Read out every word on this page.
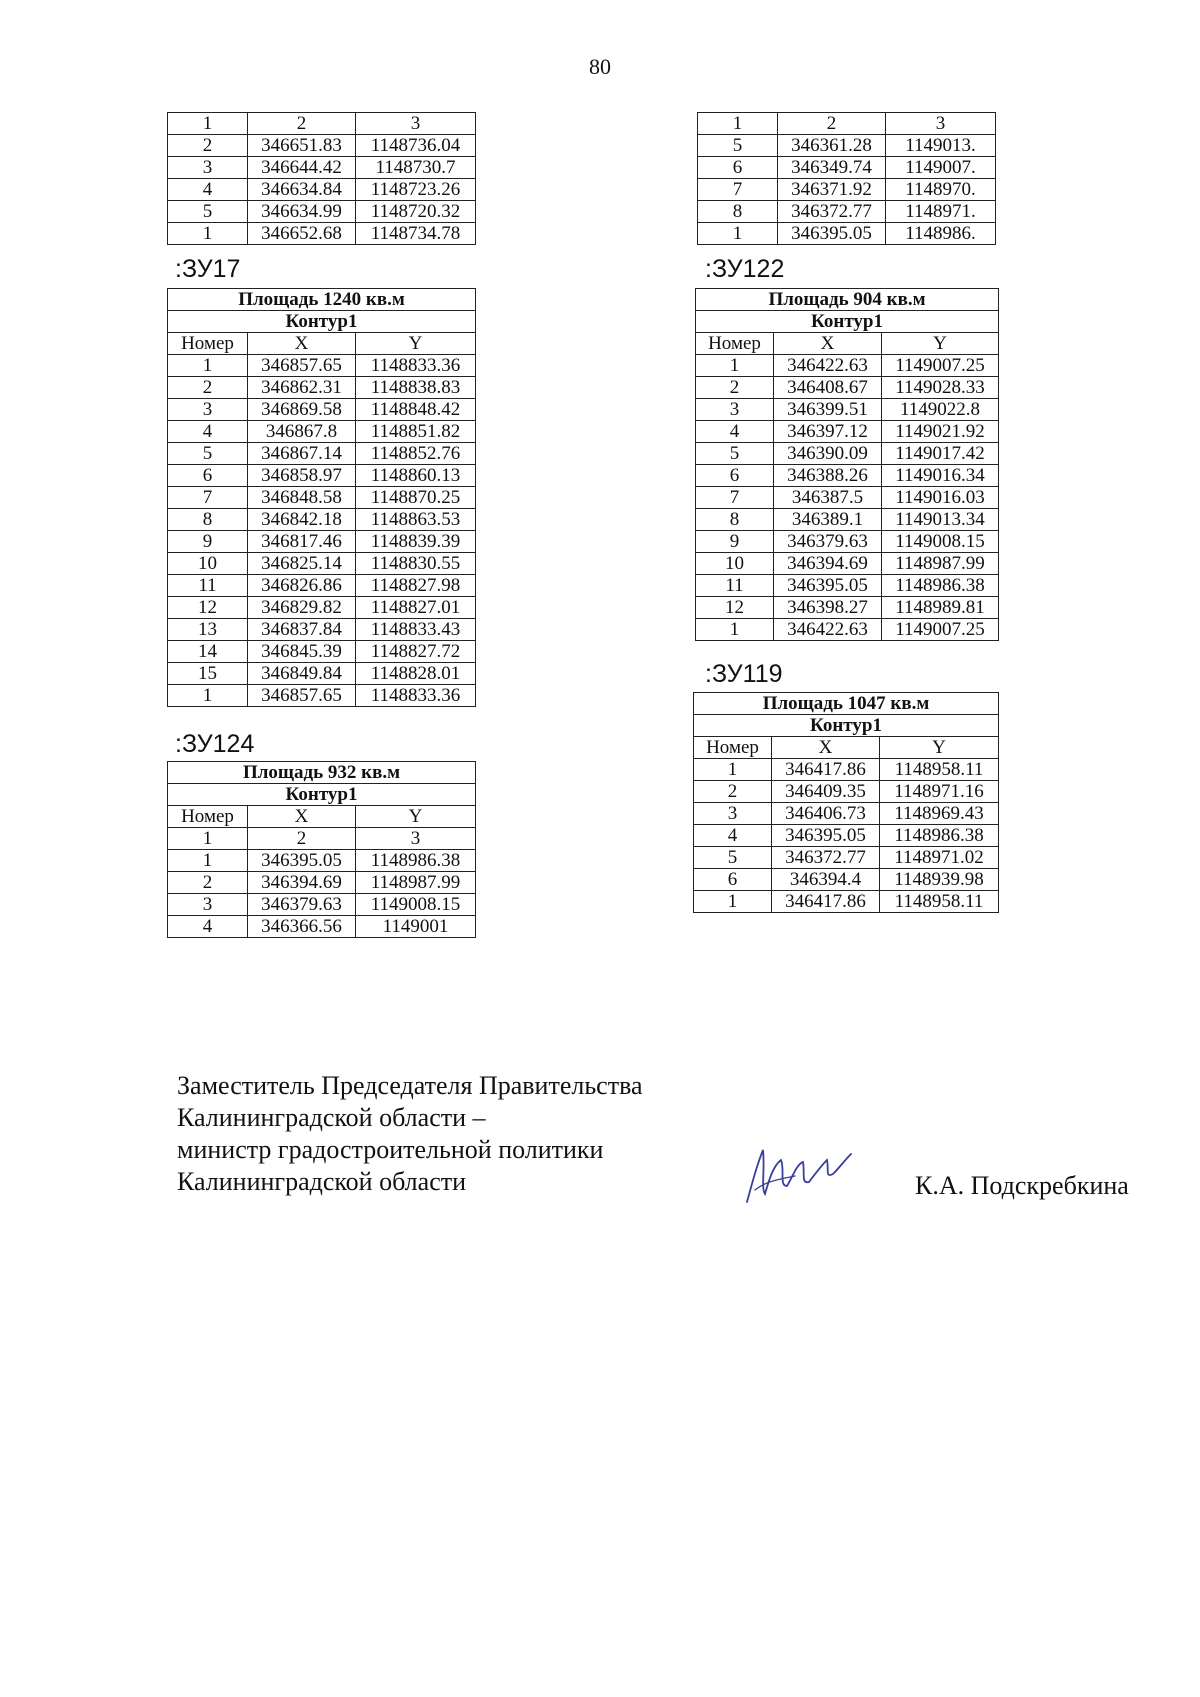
80
1	2	3
2	346651.83	1148736.04
3	346644.42	1148730.7
4	346634.84	1148723.26
5	346634.99	1148720.32
1	346652.68	1148734.78
:ЗУ17
Площадь 1240 кв.м		
Контур1		
Номер	X	Y
1	346857.65	1148833.36
2	346862.31	1148838.83
3	346869.58	1148848.42
4	346867.8	1148851.82
5	346867.14	1148852.76
6	346858.97	1148860.13
7	346848.58	1148870.25
8	346842.18	1148863.53
9	346817.46	1148839.39
10	346825.14	1148830.55
11	346826.86	1148827.98
12	346829.82	1148827.01
13	346837.84	1148833.43
14	346845.39	1148827.72
15	346849.84	1148828.01
1	346857.65	1148833.36
:ЗУ124
Площадь 932 кв.м		
Контур1		
Номер	X	Y
1	2	3
1	346395.05	1148986.38
2	346394.69	1148987.99
3	346379.63	1149008.15
4	346366.56	1149001
1	2	3
5	346361.28	1149013.
6	346349.74	1149007.
7	346371.92	1148970.
8	346372.77	1148971.
1	346395.05	1148986.
:ЗУ122
Площадь 904 кв.м		
Контур1		
Номер	X	Y
1	346422.63	1149007.25
2	346408.67	1149028.33
3	346399.51	1149022.8
4	346397.12	1149021.92
5	346390.09	1149017.42
6	346388.26	1149016.34
7	346387.5	1149016.03
8	346389.1	1149013.34
9	346379.63	1149008.15
10	346394.69	1148987.99
11	346395.05	1148986.38
12	346398.27	1148989.81
1	346422.63	1149007.25
:ЗУ119
Площадь 1047 кв.м		
Контур1		
Номер	X	Y
1	346417.86	1148958.11
2	346409.35	1148971.16
3	346406.73	1148969.43
4	346395.05	1148986.38
5	346372.77	1148971.02
6	346394.4	1148939.98
1	346417.86	1148958.11
Заместитель Председателя Правительства
Калининградской области –
министр градостроительной политики
Калининградской области	К.А. Подскребкина
